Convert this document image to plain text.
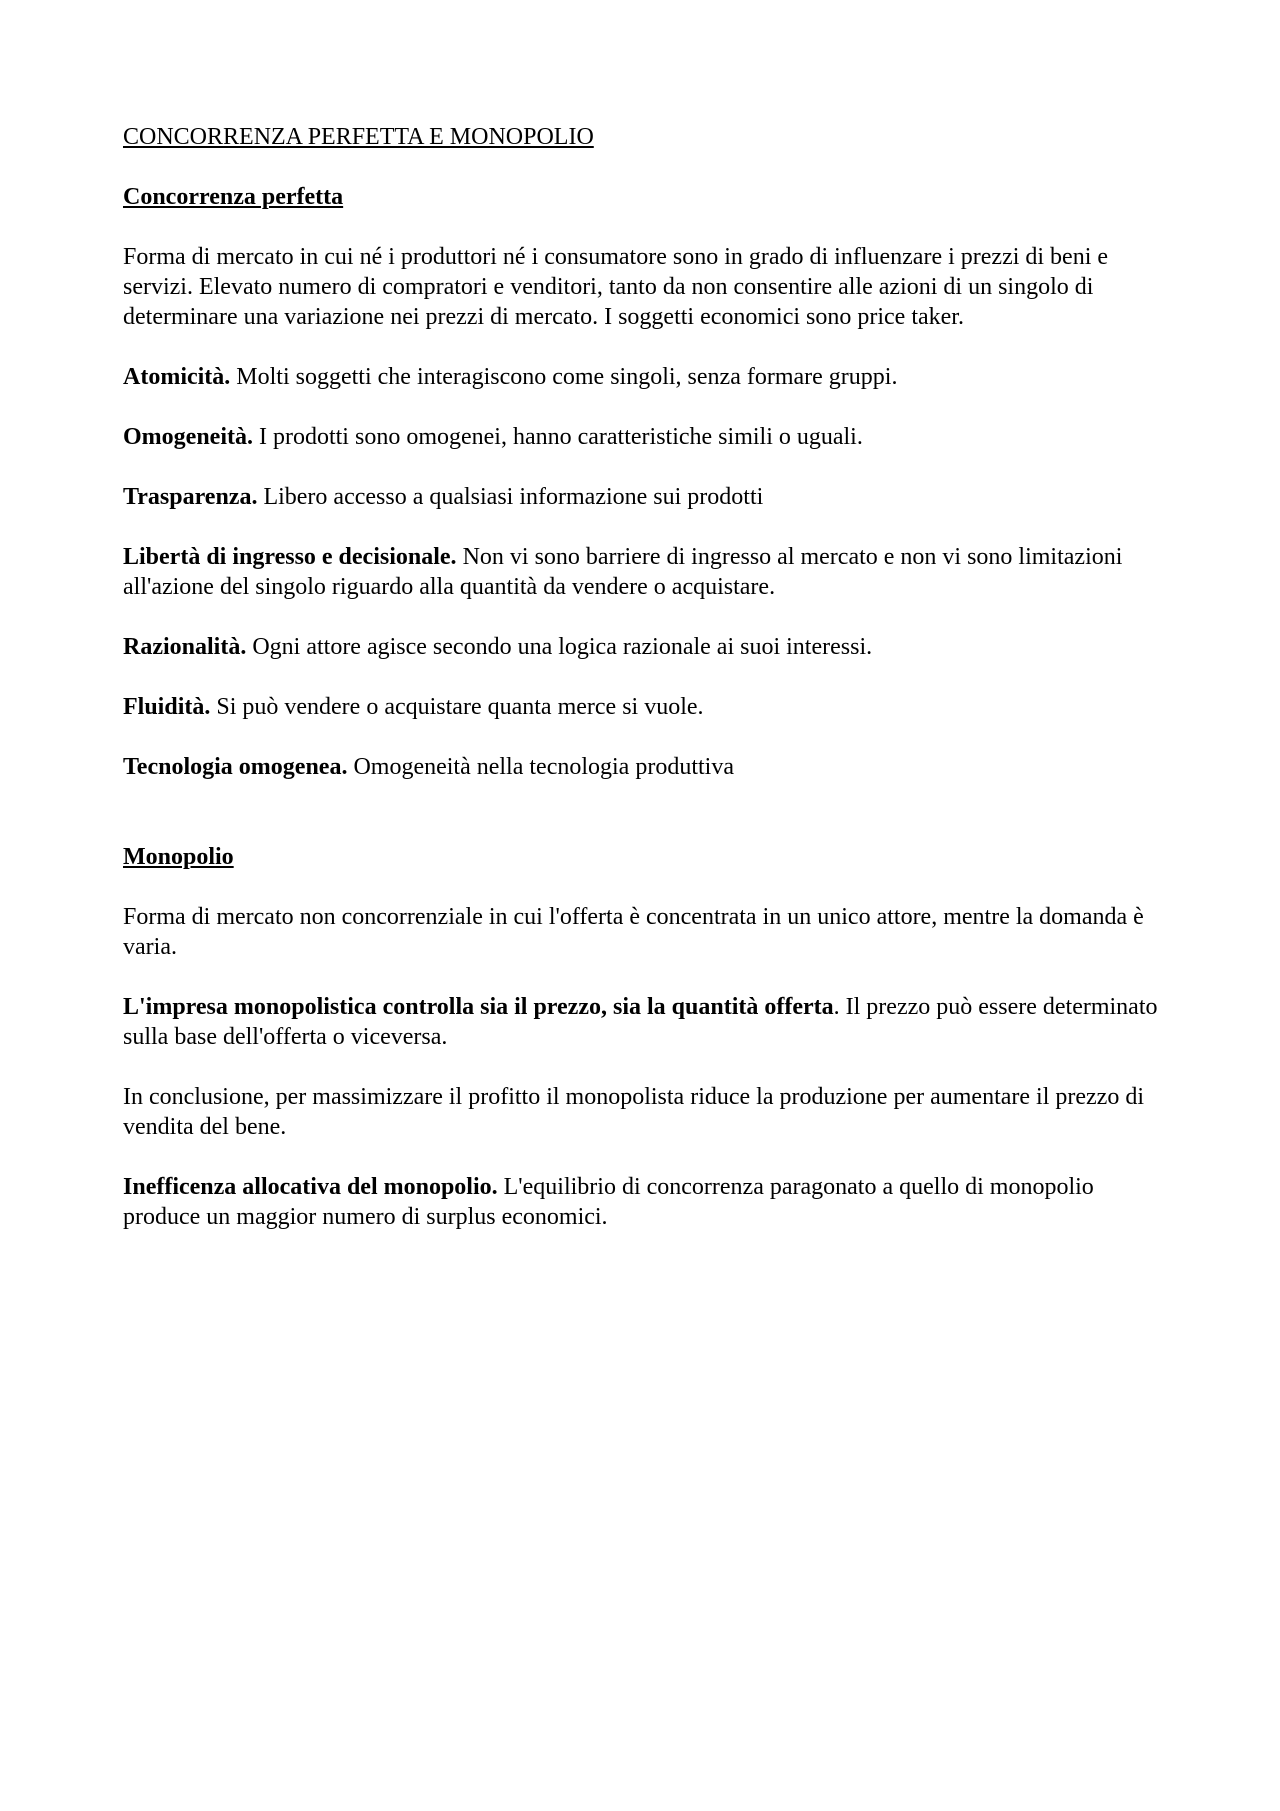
CONCORRENZA PERFETTA E MONOPOLIO
Concorrenza perfetta

Forma di mercato in cui né i produttori né i consumatore sono in grado di influenzare i prezzi di beni e servizi. Elevato numero di compratori e venditori, tanto da non consentire alle azioni di un singolo di determinare una variazione nei prezzi di mercato. I soggetti economici sono price taker.

Atomicità. Molti soggetti che interagiscono come singoli, senza formare gruppi.

Omogeneità. I prodotti sono omogenei, hanno caratteristiche simili o uguali.

Trasparenza. Libero accesso a qualsiasi informazione sui prodotti

Libertà di ingresso e decisionale. Non vi sono barriere di ingresso al mercato e non vi sono limitazioni all'azione del singolo riguardo alla quantità da vendere o acquistare.

Razionalità. Ogni attore agisce secondo una logica razionale ai suoi interessi.

Fluidità. Si può vendere o acquistare quanta merce si vuole.

Tecnologia omogenea. Omogeneità nella tecnologia produttiva

Monopolio

Forma di mercato non concorrenziale in cui l'offerta è concentrata in un unico attore, mentre la domanda è varia.

L'impresa monopolistica controlla sia il prezzo, sia la quantità offerta. Il prezzo può essere determinato sulla base dell'offerta o viceversa.

In conclusione, per massimizzare il profitto il monopolista riduce la produzione per aumentare il prezzo di vendita del bene.

Inefficenza allocativa del monopolio. L'equilibrio di concorrenza paragonato a quello di monopolio produce un maggior numero di surplus economici.
